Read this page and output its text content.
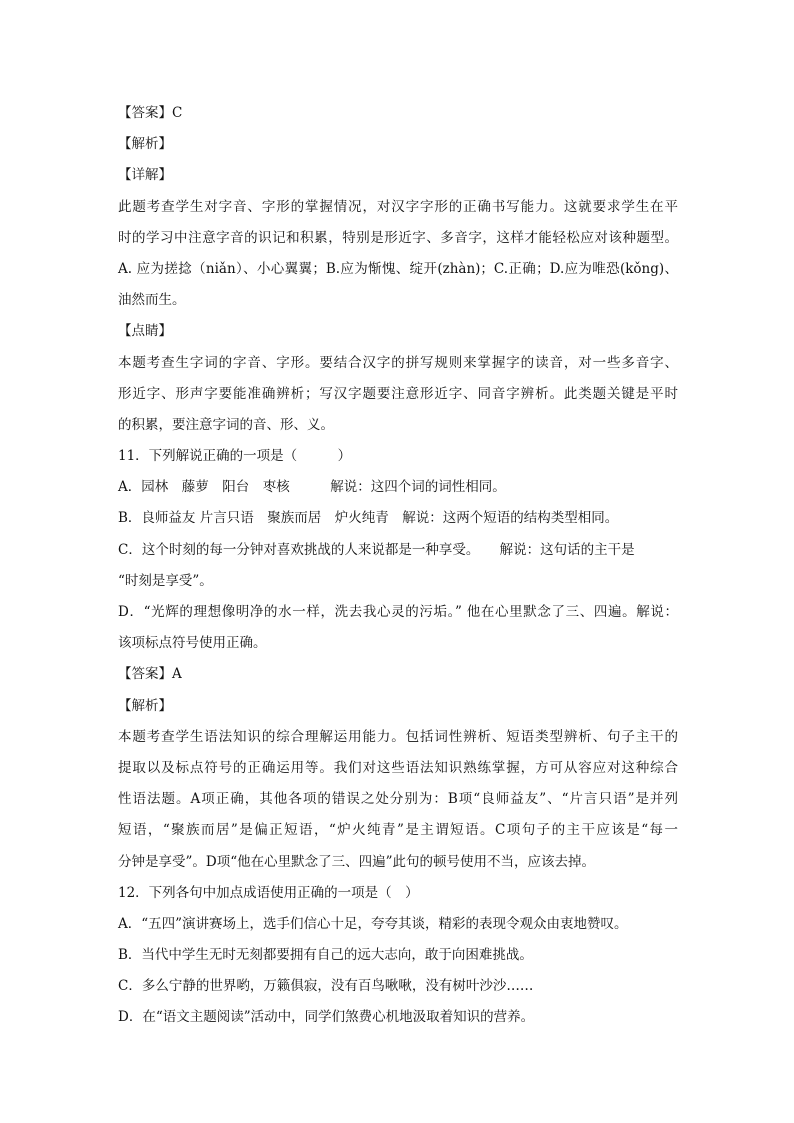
【答案】C
【解析】
【详解】
此题考查学生对字音、字形的掌握情况，对汉字字形的正确书写能力。这就要求学生在平
时的学习中注意字音的识记和积累，特别是形近字、多音字，这样才能轻松应对该种题型。
A. 应为搓捻（niǎn）、小心翼翼；B.应为惭愧、绽开(zhàn)；C.正确；D.应为唯恐(kǒng)、
油然而生。
【点睛】
本题考查生字词的字音、字形。要结合汉字的拼写规则来掌握字的读音，对一些多音字、
形近字、形声字要能准确辨析；写汉字题要注意形近字、同音字辨析。此类题关键是平时
的积累，要注意字词的音、形、义。
11．下列解说正确的一项是（　　　）
A．园林　藤萝　阳台　枣核　　　解说：这四个词的词性相同。
B．良师益友 片言只语　聚族而居　炉火纯青　解说：这两个短语的结构类型相同。
C．这个时刻的每一分钟对喜欢挑战的人来说都是一种享受。　　解说：这句话的主干是
“时刻是享受”。
D．“光辉的理想像明净的水一样，洗去我心灵的污垢。” 他在心里默念了三、四遍。解说：
该项标点符号使用正确。
【答案】A
【解析】
本题考查学生语法知识的综合理解运用能力。包括词性辨析、短语类型辨析、句子主干的
提取以及标点符号的正确运用等。我们对这些语法知识熟练掌握，方可从容应对这种综合
性语法题。A项正确，其他各项的错误之处分别为：B项“良师益友”、“片言只语”是并列
短语，“聚族而居”是偏正短语，“炉火纯青”是主谓短语。C项句子的主干应该是“每一
分钟是享受”。D项“他在心里默念了三、四遍”此句的顿号使用不当，应该去掉。
12．下列各句中加点成语使用正确的一项是（　）
A．“五四”演讲赛场上，选手们信心十足，夸夸其谈，精彩的表现令观众由衷地赞叹。
B．当代中学生无时无刻都要拥有自己的远大志向，敢于向困难挑战。
C．多么宁静的世界哟，万籁俱寂，没有百鸟啾啾，没有树叶沙沙……
D．在“语文主题阅读”活动中，同学们煞费心机地汲取着知识的营养。
